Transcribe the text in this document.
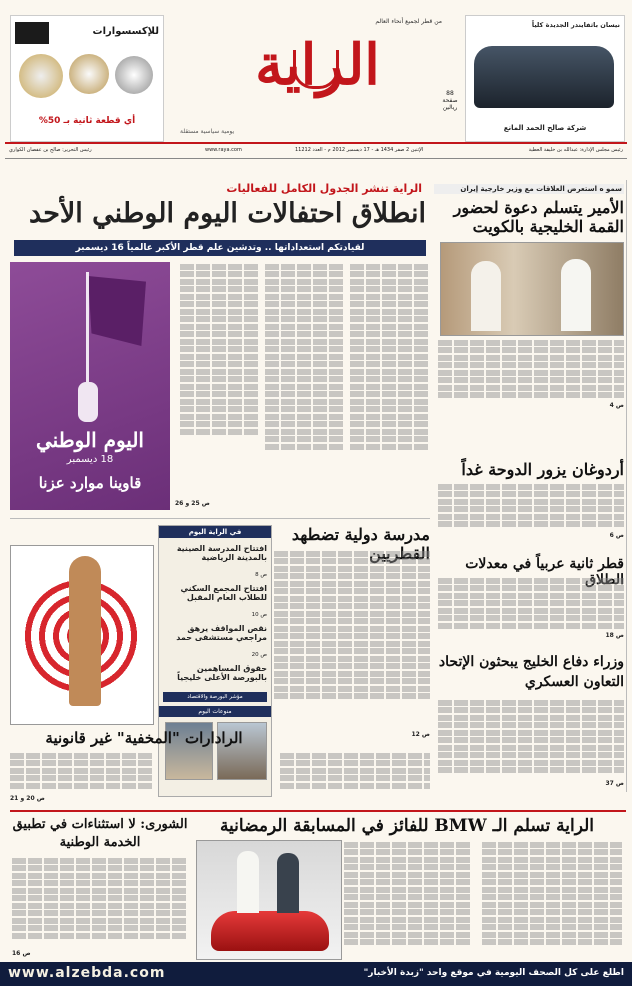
للإكسسوارات
أي قطعة ثانية بـ 50%
الراية
من قطر لجميع أنحاء العالم
88 صفحة
ريالين
يومية سياسية مستقلة
نيسان باثفايندر الجديدة كلياً
شركة صالح الحمد المانع
رئيس التحرير: صالح بن عفصان الكواري	www.raya.com	الإثنين 2 صفر 1434 هـ - 17 ديسمبر 2012 م - العدد 11212	رئيس مجلس الإدارة: عبدالله بن خليفة العطية
الراية تنشر الجدول الكامل للفعاليات
انطلاق احتفالات اليوم الوطني الأحد
لقيادتكم استعداداتها .. وتدشين علم قطر الأكبر عالمياً 16 ديسمبر
ص 25 و 26
اليوم الوطني
18 ديسمبر
قاوينا موارد عزنا
سمو ه استعرض العلاقات مع وزير خارجية إيران
الأمير يتسلم دعوة لحضور القمة الخليجية بالكويت
ص 4
أردوغان يزور الدوحة غداً
ص 6
قطر ثانية عربياً في معدلات الطلاق
ص 18
وزراء دفاع الخليج يبحثون الإتحاد التعاون العسكري
ص 37
في الراية اليوم
افتتاح المدرسة الصينية بالمدينة الرياضية
ص 8
افتتاح المجمع السكني للطلاب العام المقبل
ص 10
نقص المواقف يرهق مراجعي مستشفى حمد
ص 20
حقوق المساهمين بالبورصة الأعلى خليجياً
مؤشر البورصة والاقتصاد
منوعات اليوم
مدرسة دولية تضطهد القطريين
ص 12
الرادارات "المخفية" غير قانونية
ص 20 و 21
الراية تسلم الـ BMW للفائز في المسابقة الرمضانية
الشورى: لا استثناءات في تطبيق الخدمة الوطنية
ص 16
www.alzebda.com	اطلع على كل الصحف اليومية في موقع واحد "زبدة الأخبار"
